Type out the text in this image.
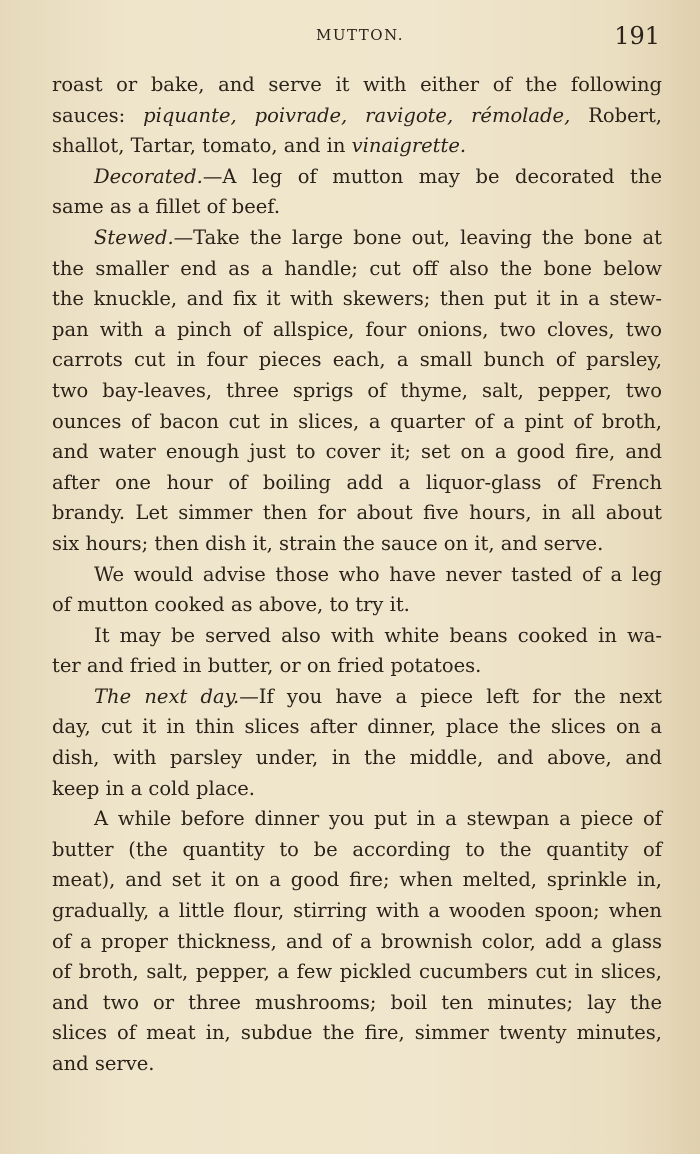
MUTTON.	191

roast or bake, and serve it with either of the following

sauces: piquante, poivrade, ravigote, rémolade, Robert,

shallot, Tartar, tomato, and in vinaigrette.

Decorated.—A leg of mutton may be decorated the

same as a fillet of beef.

Stewed.—Take the large bone out, leaving the bone at

the smaller end as a handle; cut off also the bone below

the knuckle, and fix it with skewers; then put it in a stew-

pan with a pinch of allspice, four onions, two cloves, two

carrots cut in four pieces each, a small bunch of parsley,

two bay-leaves, three sprigs of thyme, salt, pepper, two

ounces of bacon cut in slices, a quarter of a pint of broth,

and water enough just to cover it; set on a good fire, and

after one hour of boiling add a liquor-glass of French

brandy. Let simmer then for about five hours, in all about

six hours; then dish it, strain the sauce on it, and serve.

We would advise those who have never tasted of a leg

of mutton cooked as above, to try it.

It may be served also with white beans cooked in wa-

ter and fried in butter, or on fried potatoes.

The next day.—If you have a piece left for the next

day, cut it in thin slices after dinner, place the slices on a

dish, with parsley under, in the middle, and above, and

keep in a cold place.

A while before dinner you put in a stewpan a piece of

butter (the quantity to be according to the quantity of

meat), and set it on a good fire; when melted, sprinkle in,

gradually, a little flour, stirring with a wooden spoon; when

of a proper thickness, and of a brownish color, add a glass

of broth, salt, pepper, a few pickled cucumbers cut in slices,

and two or three mushrooms; boil ten minutes; lay the

slices of meat in, subdue the fire, simmer twenty minutes,

and serve.
